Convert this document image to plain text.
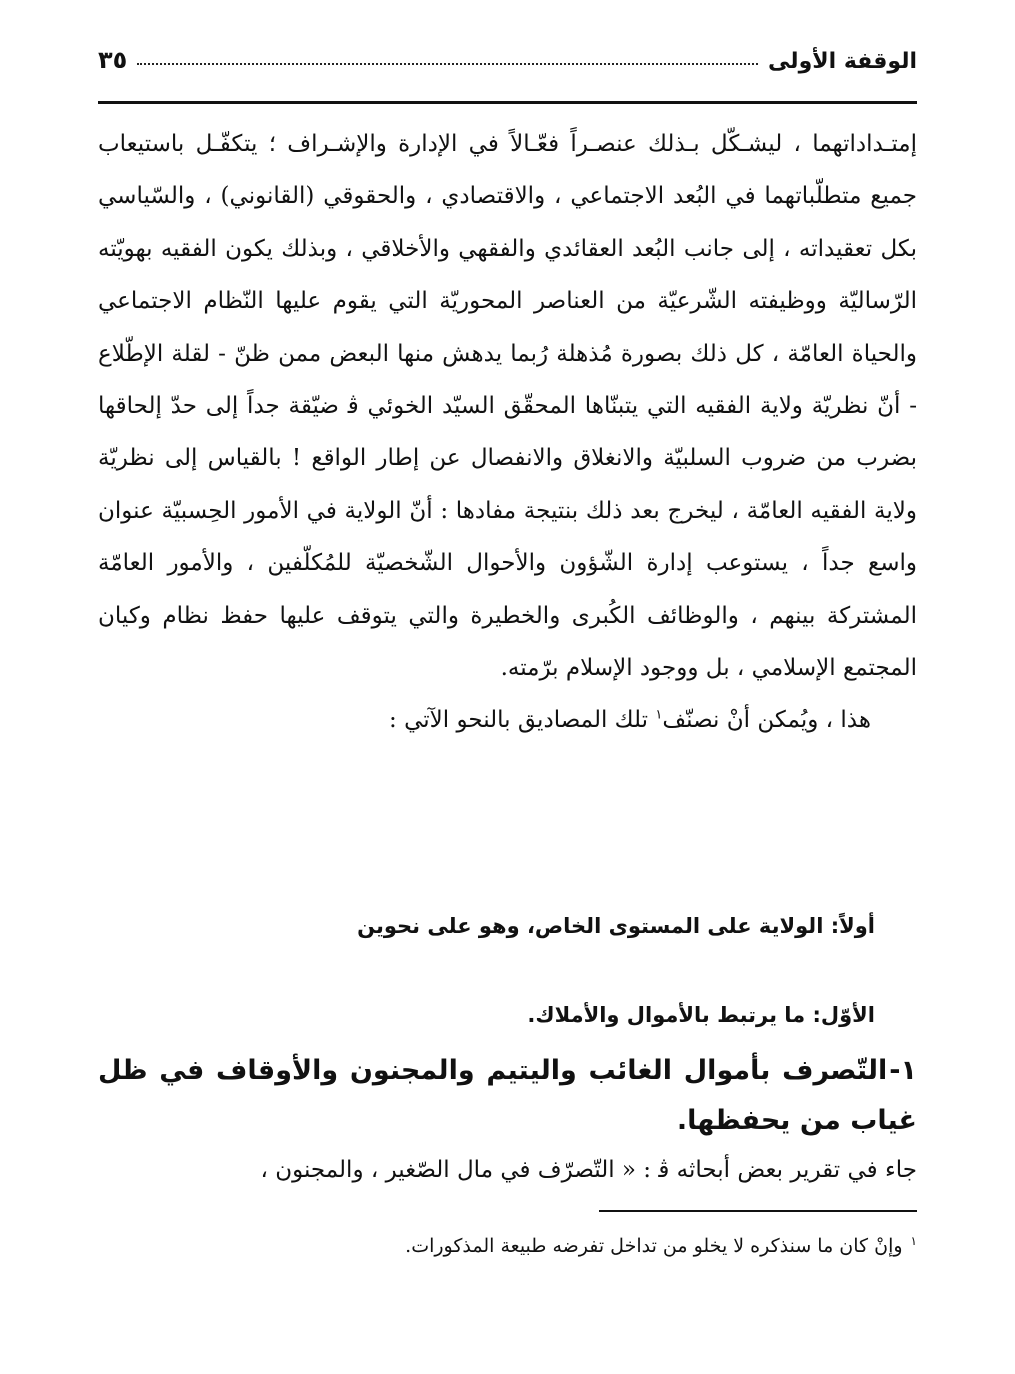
الوقفة الأولى
٣٥

إمتـداداتهما ، ليشـكّل بـذلك عنصـراً فعّـالاً في الإدارة والإشـراف ؛ يتكفّـل باستيعاب جميع متطلّباتهما في البُعد الاجتماعي ، والاقتصادي ، والحقوقي (القانوني) ، والسّياسي بكل تعقيداته ، إلى جانب البُعد العقائدي والفقهي والأخلاقي ، وبذلك يكون الفقيه بهويّته الرّساليّة ووظيفته الشّرعيّة من العناصر المحوريّة التي يقوم عليها النّظام الاجتماعي والحياة العامّة ، كل ذلك بصورة مُذهلة رُبما يدهش منها البعض ممن ظنّ - لقلة الإطّلاع - أنّ نظريّة ولاية الفقيه التي يتبنّاها المحقّق السيّد الخوئي ﭬ ضيّقة جداً إلى حدّ إلحاقها بضرب من ضروب السلبيّة والانغلاق والانفصال عن إطار الواقع ! بالقياس إلى نظريّة ولاية الفقيه العامّة ، ليخرج بعد ذلك بنتيجة مفادها : أنّ الولاية في الأمور الحِسبيّة عنوان واسع جداً ، يستوعب إدارة الشّؤون والأحوال الشّخصيّة للمُكلّفين ، والأمور العامّة المشتركة بينهم ، والوظائف الكُبرى والخطيرة والتي يتوقف عليها حفظ نظام وكيان المجتمع الإسلامي ، بل ووجود الإسلام برّمته.

هذا ، ويُمكن أنْ نصنّف$^١$ تلك المصاديق بالنحو الآتي :

أولاً: الولاية على المستوى الخاص، وهو على نحوين
الأوّل: ما يرتبط بالأموال والأملاك.
١-التّصرف بأموال الغائب واليتيم والمجنون والأوقاف في ظل غياب من يحفظها.
جاء في تقرير بعض أبحاثه ﭬ : « التّصرّف في مال الصّغير ، والمجنون ،
$^١$وإنْ كان ما سنذكره لا يخلو من تداخل تفرضه طبيعة المذكورات.
